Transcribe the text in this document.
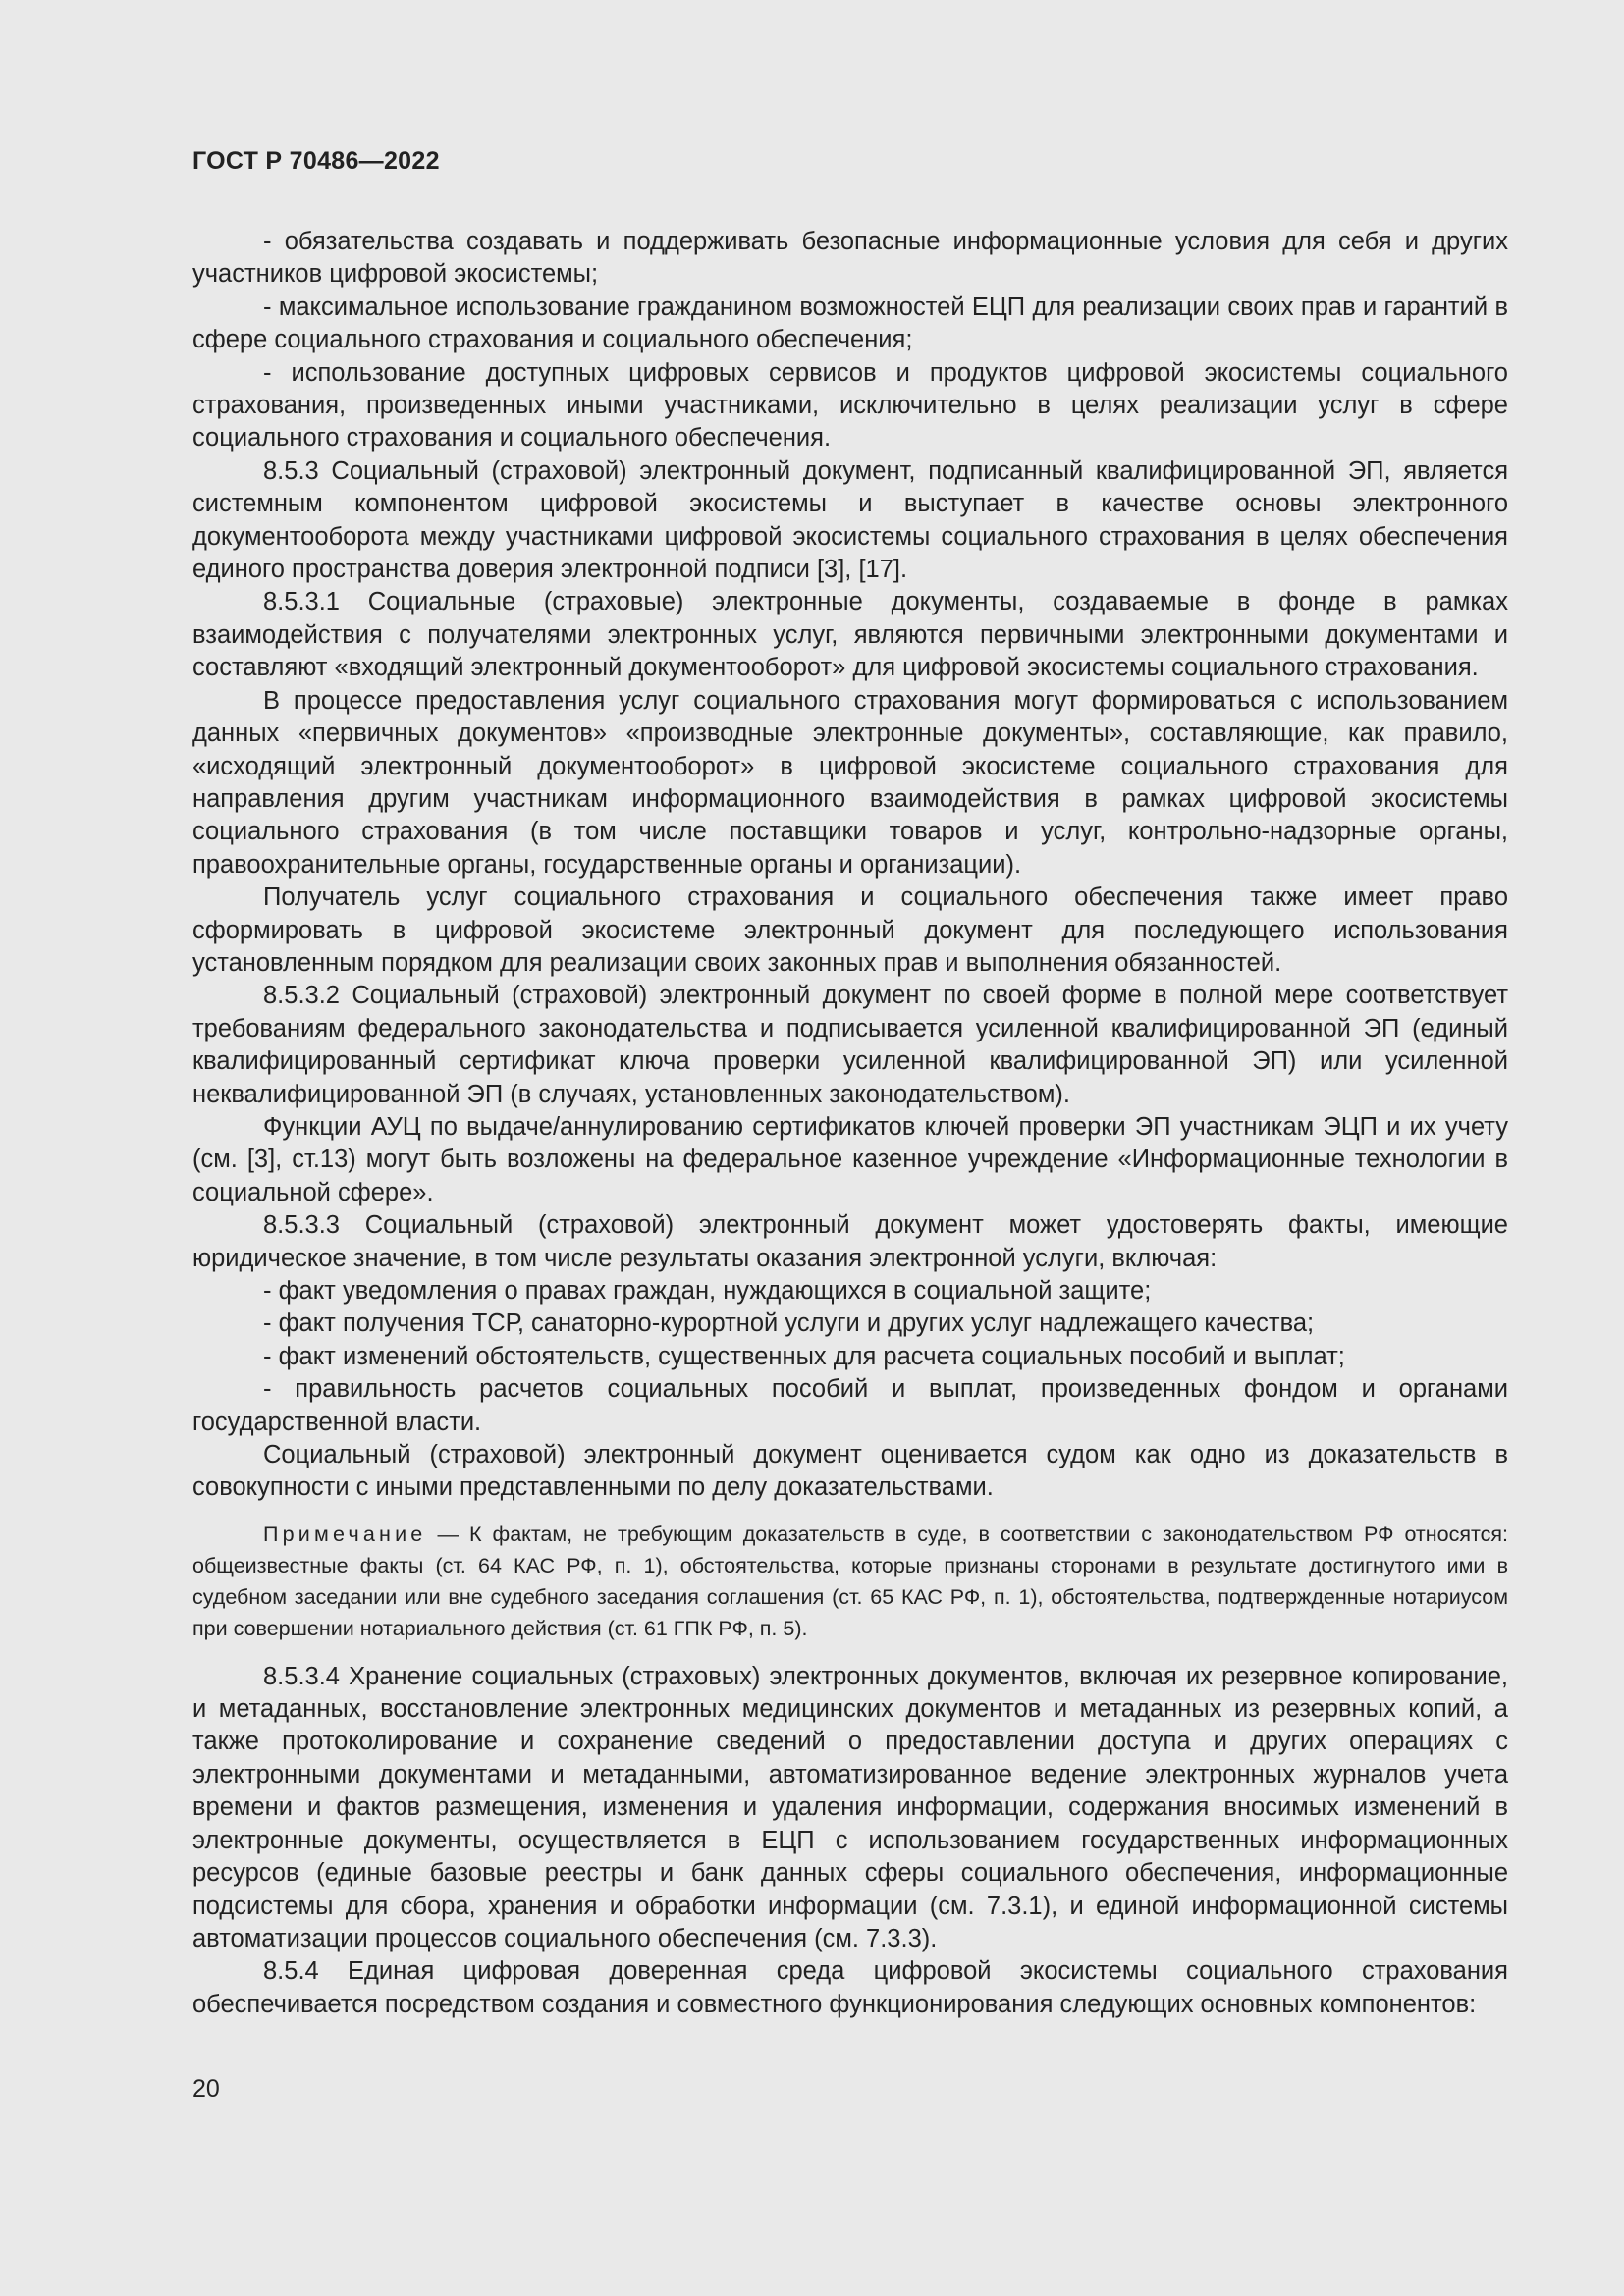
ГОСТ Р 70486—2022

- обязательства создавать и поддерживать безопасные информационные условия для себя и других участников цифровой экосистемы;

- максимальное использование гражданином возможностей ЕЦП для реализации своих прав и гарантий в сфере социального страхования и социального обеспечения;

- использование доступных цифровых сервисов и продуктов цифровой экосистемы социального страхования, произведенных иными участниками, исключительно в целях реализации услуг в сфере социального страхования и социального обеспечения.

8.5.3 Социальный (страховой) электронный документ, подписанный квалифицированной ЭП, является системным компонентом цифровой экосистемы и выступает в качестве основы электронного документооборота между участниками цифровой экосистемы социального страхования в целях обеспечения единого пространства доверия электронной подписи [3], [17].

8.5.3.1 Социальные (страховые) электронные документы, создаваемые в фонде в рамках взаимодействия с получателями электронных услуг, являются первичными электронными документами и составляют «входящий электронный документооборот» для цифровой экосистемы социального страхования.

В процессе предоставления услуг социального страхования могут формироваться с использованием данных «первичных документов» «производные электронные документы», составляющие, как правило, «исходящий электронный документооборот» в цифровой экосистеме социального страхования для направления другим участникам информационного взаимодействия в рамках цифровой экосистемы социального страхования (в том числе поставщики товаров и услуг, контрольно-надзорные органы, правоохранительные органы, государственные органы и организации).

Получатель услуг социального страхования и социального обеспечения также имеет право сформировать в цифровой экосистеме электронный документ для последующего использования установленным порядком для реализации своих законных прав и выполнения обязанностей.

8.5.3.2 Социальный (страховой) электронный документ по своей форме в полной мере соответствует требованиям федерального законодательства и подписывается усиленной квалифицированной ЭП (единый квалифицированный сертификат ключа проверки усиленной квалифицированной ЭП) или усиленной неквалифицированной ЭП (в случаях, установленных законодательством).

Функции АУЦ по выдаче/аннулированию сертификатов ключей проверки ЭП участникам ЭЦП и их учету (см. [3], ст.13) могут быть возложены на федеральное казенное учреждение «Информационные технологии в социальной сфере».

8.5.3.3 Социальный (страховой) электронный документ может удостоверять факты, имеющие юридическое значение, в том числе результаты оказания электронной услуги, включая:

- факт уведомления о правах граждан, нуждающихся в социальной защите;

- факт получения ТСР, санаторно-курортной услуги и других услуг надлежащего качества;

- факт изменений обстоятельств, существенных для расчета социальных пособий и выплат;

- правильность расчетов социальных пособий и выплат, произведенных фондом и органами государственной власти.

Социальный (страховой) электронный документ оценивается судом как одно из доказательств в совокупности с иными представленными по делу доказательствами.

Примечание — К фактам, не требующим доказательств в суде, в соответствии с законодательством РФ относятся: общеизвестные факты (ст. 64 КАС РФ, п. 1), обстоятельства, которые признаны сторонами в результате достигнутого ими в судебном заседании или вне судебного заседания соглашения (ст. 65 КАС РФ, п. 1), обстоятельства, подтвержденные нотариусом при совершении нотариального действия (ст. 61 ГПК РФ, п. 5).

8.5.3.4 Хранение социальных (страховых) электронных документов, включая их резервное копирование, и метаданных, восстановление электронных медицинских документов и метаданных из резервных копий, а также протоколирование и сохранение сведений о предоставлении доступа и других операциях с электронными документами и метаданными, автоматизированное ведение электронных журналов учета времени и фактов размещения, изменения и удаления информации, содержания вносимых изменений в электронные документы, осуществляется в ЕЦП с использованием государственных информационных ресурсов (единые базовые реестры и банк данных сферы социального обеспечения, информационные подсистемы для сбора, хранения и обработки информации (см. 7.3.1), и единой информационной системы автоматизации процессов социального обеспечения (см. 7.3.3).

8.5.4 Единая цифровая доверенная среда цифровой экосистемы социального страхования обеспечивается посредством создания и совместного функционирования следующих основных компонентов:

20
